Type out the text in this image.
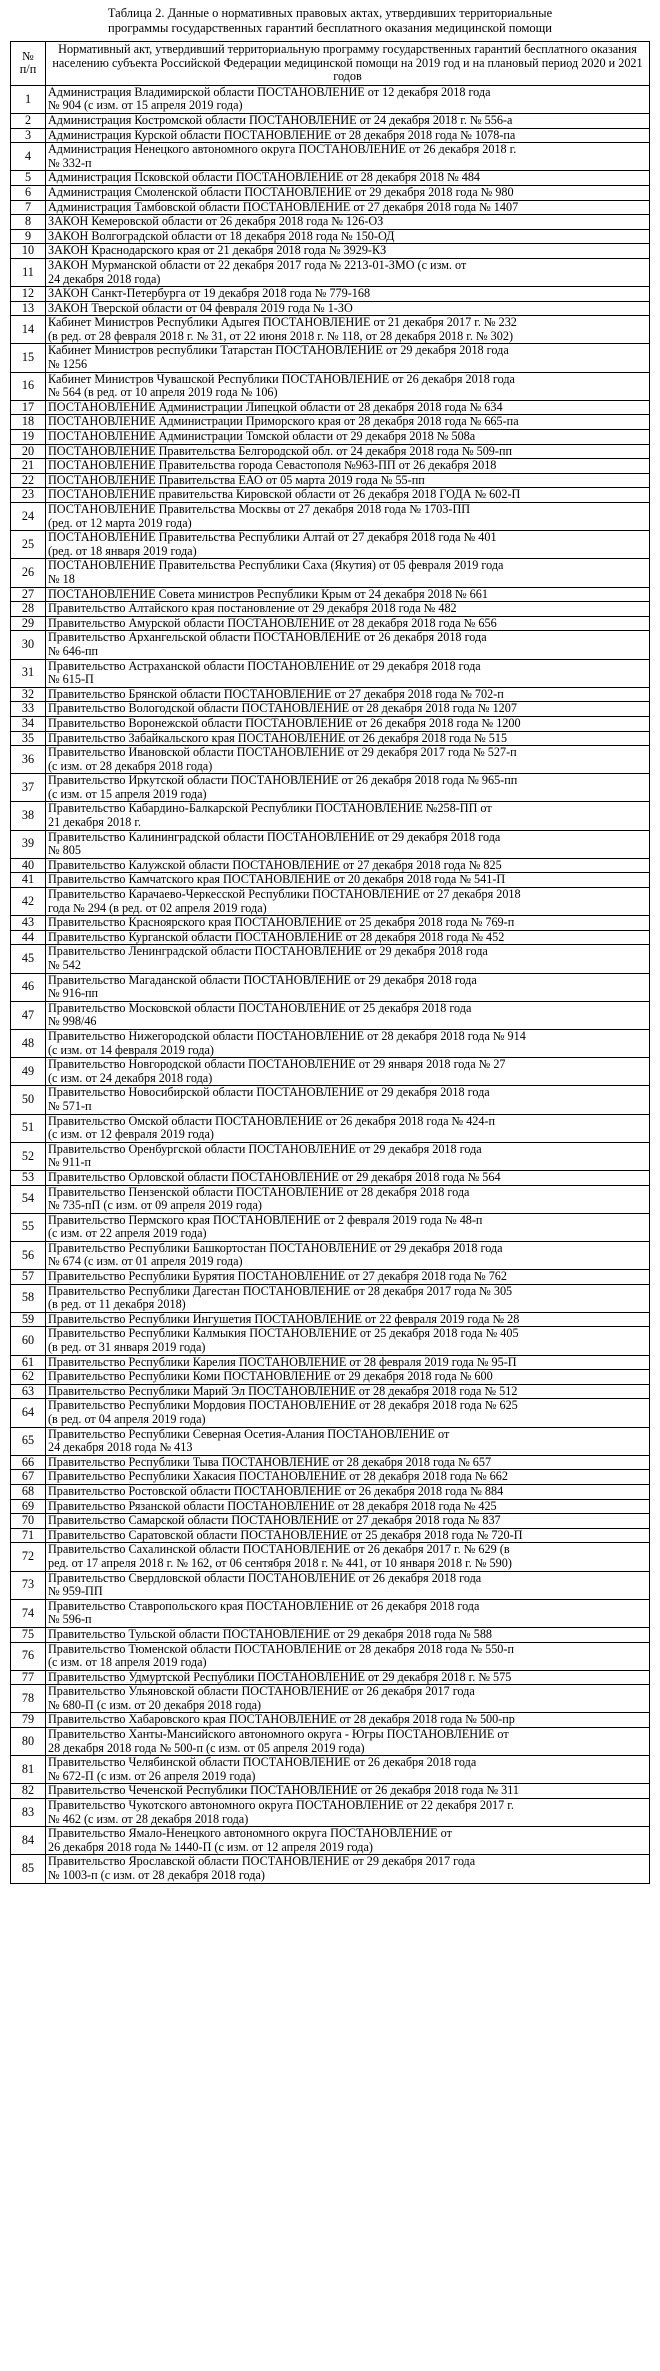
Таблица 2. Данные о нормативных правовых актах, утвердивших территориальные
программы государственных гарантий бесплатного оказания медицинской помощи
№
п/п	Нормативный акт, утвердивший территориальную программу государственных гарантий бесплатного оказания населению субъекта Российской Федерации медицинской помощи на 2019 год и на плановый период 2020 и 2021 годов
1	Администрация Владимирской области ПОСТАНОВЛЕНИЕ от 12 декабря 2018 года
№ 904 (с изм. от 15 апреля 2019 года)
2	Администрация Костромской области ПОСТАНОВЛЕНИЕ от 24 декабря 2018 г. № 556-а
3	Администрация Курской области ПОСТАНОВЛЕНИЕ от 28 декабря 2018 года № 1078-па
4	Администрация Ненецкого автономного округа ПОСТАНОВЛЕНИЕ от 26 декабря 2018 г.
№ 332-п
5	Администрация Псковской области ПОСТАНОВЛЕНИЕ от 28 декабря 2018 № 484
6	Администрация Смоленской области ПОСТАНОВЛЕНИЕ от 29 декабря 2018 года № 980
7	Администрация Тамбовской области ПОСТАНОВЛЕНИЕ от 27 декабря 2018 года № 1407
8	ЗАКОН Кемеровской области от 26 декабря 2018 года № 126-ОЗ
9	ЗАКОН Волгоградской области от 18 декабря 2018 года № 150-ОД
10	ЗАКОН Краснодарского края от 21 декабря 2018 года № 3929-КЗ
11	ЗАКОН Мурманской области от 22 декабря 2017 года № 2213-01-ЗМО (с изм. от
24 декабря 2018 года)
12	ЗАКОН Санкт-Петербурга от 19 декабря 2018 года № 779-168
13	ЗАКОН Тверской области от 04 февраля 2019 года № 1-ЗО
14	Кабинет Министров Республики Адыгея ПОСТАНОВЛЕНИЕ от 21 декабря 2017 г. № 232
(в ред. от 28 февраля 2018 г. № 31, от 22 июня 2018 г. № 118, от 28 декабря 2018 г. № 302)
15	Кабинет Министров республики Татарстан ПОСТАНОВЛЕНИЕ от 29 декабря 2018 года
№ 1256
16	Кабинет Министров Чувашской Республики ПОСТАНОВЛЕНИЕ от 26 декабря 2018 года
№ 564 (в ред. от 10 апреля 2019 года № 106)
17	ПОСТАНОВЛЕНИЕ Администрации Липецкой области от 28 декабря 2018 года № 634
18	ПОСТАНОВЛЕНИЕ Администрации Приморского края от 28 декабря 2018 года № 665-па
19	ПОСТАНОВЛЕНИЕ Администрации Томской области от 29 декабря 2018 № 508а
20	ПОСТАНОВЛЕНИЕ Правительства Белгородской обл. от 24 декабря 2018 года № 509-пп
21	ПОСТАНОВЛЕНИЕ Правительства города Севастополя №963-ПП от 26 декабря 2018
22	ПОСТАНОВЛЕНИЕ Правительства ЕАО от 05 марта 2019 года № 55-пп
23	ПОСТАНОВЛЕНИЕ правительства Кировской области от 26 декабря 2018 ГОДА № 602-П
24	ПОСТАНОВЛЕНИЕ Правительства Москвы от 27 декабря 2018 года № 1703-ПП
(ред. от 12 марта 2019 года)
25	ПОСТАНОВЛЕНИЕ Правительства Республики Алтай от 27 декабря 2018 года № 401
(ред. от 18 января 2019 года)
26	ПОСТАНОВЛЕНИЕ Правительства Республики Саха (Якутия) от 05 февраля 2019 года
№ 18
27	ПОСТАНОВЛЕНИЕ Совета министров Республики Крым от 24 декабря 2018 № 661
28	Правительство Алтайского края постановление от 29 декабря 2018 года № 482
29	Правительство Амурской области ПОСТАНОВЛЕНИЕ от 28 декабря 2018 года № 656
30	Правительство Архангельской области ПОСТАНОВЛЕНИЕ от 26 декабря 2018 года
№ 646-пп
31	Правительство Астраханской области ПОСТАНОВЛЕНИЕ от 29 декабря 2018 года
№ 615-П
32	Правительство Брянской области ПОСТАНОВЛЕНИЕ от 27 декабря 2018 года № 702-п
33	Правительство Вологодской области ПОСТАНОВЛЕНИЕ от 28 декабря 2018 года № 1207
34	Правительство Воронежской области ПОСТАНОВЛЕНИЕ от 26 декабря 2018 года № 1200
35	Правительство Забайкальского края ПОСТАНОВЛЕНИЕ от 26 декабря 2018 года № 515
36	Правительство Ивановской области ПОСТАНОВЛЕНИЕ от 29 декабря 2017 года № 527-п
(с изм. от 28 декабря 2018 года)
37	Правительство Иркутской области ПОСТАНОВЛЕНИЕ от 26 декабря 2018 года № 965-пп
(с изм. от 15 апреля 2019 года)
38	Правительство Кабардино-Балкарской Республики ПОСТАНОВЛЕНИЕ №258-ПП от
21 декабря 2018 г.
39	Правительство Калининградской области ПОСТАНОВЛЕНИЕ от 29 декабря 2018 года
№ 805
40	Правительство Калужской области ПОСТАНОВЛЕНИЕ от 27 декабря 2018 года № 825
41	Правительство Камчатского края ПОСТАНОВЛЕНИЕ от 20 декабря 2018 года № 541-П
42	Правительство Карачаево-Черкесской Республики ПОСТАНОВЛЕНИЕ от 27 декабря 2018
года № 294 (в ред. от 02 апреля 2019 года)
43	Правительство Красноярского края ПОСТАНОВЛЕНИЕ от 25 декабря 2018 года № 769-п
44	Правительство Курганской области ПОСТАНОВЛЕНИЕ от 28 декабря 2018 года № 452
45	Правительство Ленинградской области ПОСТАНОВЛЕНИЕ от 29 декабря 2018 года
№ 542
46	Правительство Магаданской области ПОСТАНОВЛЕНИЕ от 29 декабря 2018 года
№ 916-пп
47	Правительство Московской области ПОСТАНОВЛЕНИЕ от 25 декабря 2018 года
№ 998/46
48	Правительство Нижегородской области ПОСТАНОВЛЕНИЕ от 28 декабря 2018 года № 914
(с изм. от 14 февраля 2019 года)
49	Правительство Новгородской области ПОСТАНОВЛЕНИЕ от 29 января 2018 года № 27
(с изм. от 24 декабря 2018 года)
50	Правительство Новосибирской области ПОСТАНОВЛЕНИЕ от 29 декабря 2018 года
№ 571-п
51	Правительство Омской области ПОСТАНОВЛЕНИЕ от 26 декабря 2018 года № 424-п
(с изм. от 12 февраля 2019 года)
52	Правительство Оренбургской области ПОСТАНОВЛЕНИЕ от 29 декабря 2018 года
№ 911-п
53	Правительство Орловской области ПОСТАНОВЛЕНИЕ от 29 декабря 2018 года № 564
54	Правительство Пензенской области ПОСТАНОВЛЕНИЕ от 28 декабря 2018 года
№ 735-пП (с изм. от 09 апреля 2019 года)
55	Правительство Пермского края ПОСТАНОВЛЕНИЕ от 2 февраля 2019 года № 48-п
(с изм. от 22 апреля 2019 года)
56	Правительство Республики Башкортостан ПОСТАНОВЛЕНИЕ от 29 декабря 2018 года
№ 674 (с изм. от 01 апреля 2019 года)
57	Правительство Республики Бурятия ПОСТАНОВЛЕНИЕ от 27 декабря 2018 года № 762
58	Правительство Республики Дагестан ПОСТАНОВЛЕНИЕ от 28 декабря 2017 года № 305
(в ред. от 11 декабря 2018)
59	Правительство Республики Ингушетия ПОСТАНОВЛЕНИЕ от 22 февраля 2019 года № 28
60	Правительство Республики Калмыкия ПОСТАНОВЛЕНИЕ от 25 декабря 2018 года № 405
(в ред. от 31 января 2019 года)
61	Правительство Республики Карелия ПОСТАНОВЛЕНИЕ от 28 февраля 2019 года № 95-П
62	Правительство Республики Коми ПОСТАНОВЛЕНИЕ от 29 декабря 2018 года № 600
63	Правительство Республики Марий Эл ПОСТАНОВЛЕНИЕ от 28 декабря 2018 года № 512
64	Правительство Республики Мордовия ПОСТАНОВЛЕНИЕ от 28 декабря 2018 года № 625
(в ред. от 04 апреля 2019 года)
65	Правительство Республики Северная Осетия-Алания ПОСТАНОВЛЕНИЕ от
24 декабря 2018 года № 413
66	Правительство Республики Тыва ПОСТАНОВЛЕНИЕ от 28 декабря 2018 года № 657
67	Правительство Республики Хакасия ПОСТАНОВЛЕНИЕ от 28 декабря 2018 года № 662
68	Правительство Ростовской области ПОСТАНОВЛЕНИЕ от 26 декабря 2018 года № 884
69	Правительство Рязанской области ПОСТАНОВЛЕНИЕ от 28 декабря 2018 года № 425
70	Правительство Самарской области ПОСТАНОВЛЕНИЕ от 27 декабря 2018 года № 837
71	Правительство Саратовской области ПОСТАНОВЛЕНИЕ от 25 декабря 2018 года № 720-П
72	Правительство Сахалинской области ПОСТАНОВЛЕНИЕ от 26 декабря 2017 г. № 629 (в
ред. от 17 апреля 2018 г. № 162, от 06 сентября 2018 г. № 441, от 10 января 2018 г. № 590)
73	Правительство Свердловской области ПОСТАНОВЛЕНИЕ от 26 декабря 2018 года
№ 959-ПП
74	Правительство Ставропольского края ПОСТАНОВЛЕНИЕ от 26 декабря 2018 года
№ 596-п
75	Правительство Тульской области ПОСТАНОВЛЕНИЕ от 29 декабря 2018 года № 588
76	Правительство Тюменской области ПОСТАНОВЛЕНИЕ от 28 декабря 2018 года № 550-п
(с изм. от 18 апреля 2019 года)
77	Правительство Удмуртской Республики ПОСТАНОВЛЕНИЕ от 29 декабря 2018 г. № 575
78	Правительство Ульяновской области ПОСТАНОВЛЕНИЕ от 26 декабря 2017 года
№ 680-П (с изм. от 20 декабря 2018 года)
79	Правительство Хабаровского края ПОСТАНОВЛЕНИЕ от 28 декабря 2018 года № 500-пр
80	Правительство Ханты-Мансийского автономного округа - Югры ПОСТАНОВЛЕНИЕ от
28 декабря 2018 года № 500-п (с изм. от 05 апреля 2019 года)
81	Правительство Челябинской области ПОСТАНОВЛЕНИЕ от 26 декабря 2018 года
№ 672-П (с изм. от 26 апреля 2019 года)
82	Правительство Чеченской Республики ПОСТАНОВЛЕНИЕ от 26 декабря 2018 года № 311
83	Правительство Чукотского автономного округа ПОСТАНОВЛЕНИЕ от 22 декабря 2017 г.
№ 462 (с изм. от 28 декабря 2018 года)
84	Правительство Ямало-Ненецкого автономного округа ПОСТАНОВЛЕНИЕ от
26 декабря 2018 года № 1440-П (с изм. от 12 апреля 2019 года)
85	Правительство Ярославской области ПОСТАНОВЛЕНИЕ от 29 декабря 2017 года
№ 1003-п (с изм. от 28 декабря 2018 года)
